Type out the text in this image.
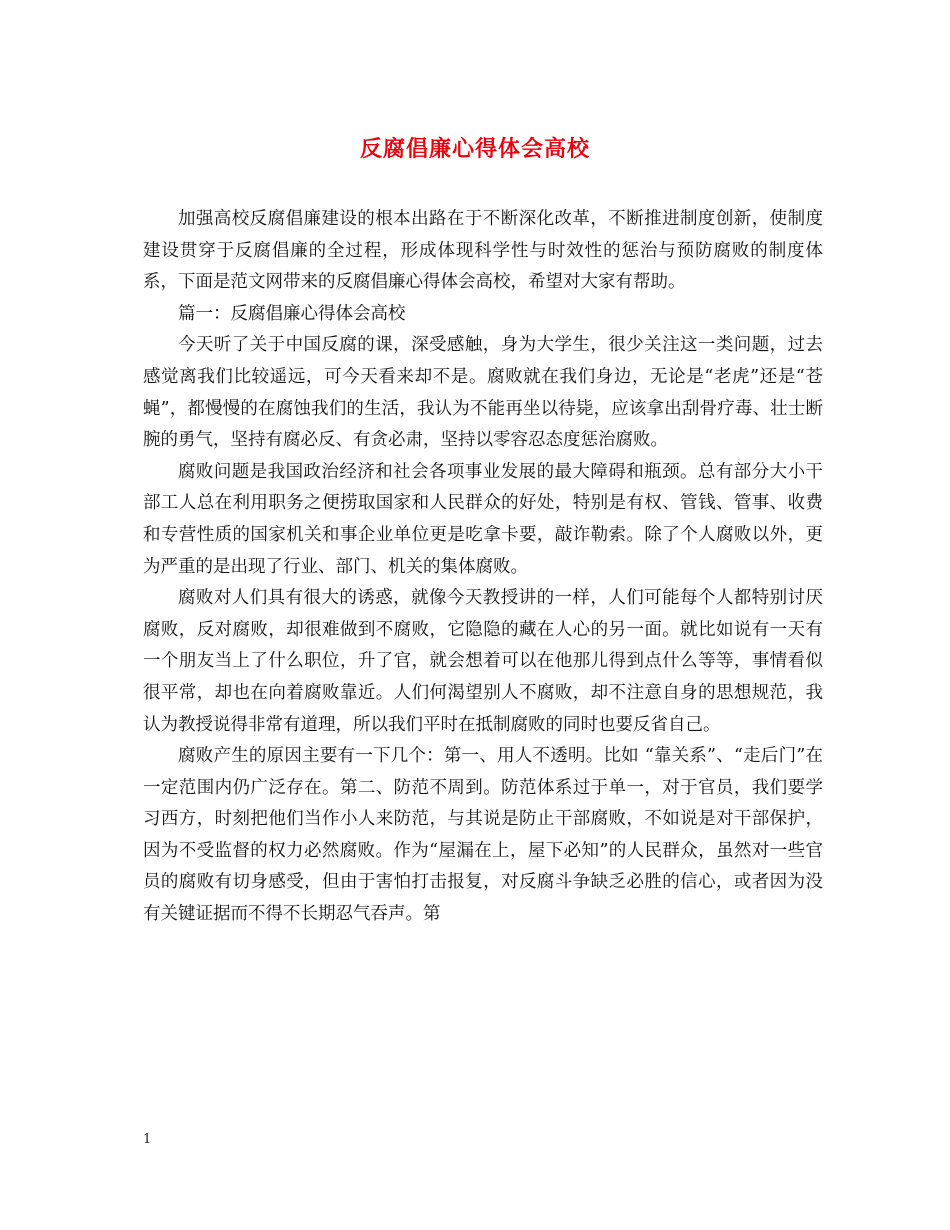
反腐倡廉心得体会高校

加强高校反腐倡廉建设的根本出路在于不断深化改革，不断推进制度创新，使制度建设贯穿于反腐倡廉的全过程，形成体现科学性与时效性的惩治与预防腐败的制度体系，下面是范文网带来的反腐倡廉心得体会高校，希望对大家有帮助。

篇一：反腐倡廉心得体会高校

今天听了关于中国反腐的课，深受感触，身为大学生，很少关注这一类问题，过去感觉离我们比较遥远，可今天看来却不是。腐败就在我们身边，无论是“老虎”还是“苍蝇”，都慢慢的在腐蚀我们的生活，我认为不能再坐以待毙，应该拿出刮骨疗毒、壮士断腕的勇气，坚持有腐必反、有贪必肃，坚持以零容忍态度惩治腐败。

腐败问题是我国政治经济和社会各项事业发展的最大障碍和瓶颈。总有部分大小干部工人总在利用职务之便捞取国家和人民群众的好处，特别是有权、管钱、管事、收费和专营性质的国家机关和事企业单位更是吃拿卡要，敲诈勒索。除了个人腐败以外，更为严重的是出现了行业、部门、机关的集体腐败。

腐败对人们具有很大的诱惑，就像今天教授讲的一样，人们可能每个人都特别讨厌腐败，反对腐败，却很难做到不腐败，它隐隐的藏在人心的另一面。就比如说有一天有一个朋友当上了什么职位，升了官，就会想着可以在他那儿得到点什么等等，事情看似很平常，却也在向着腐败靠近。人们何渴望别人不腐败，却不注意自身的思想规范，我认为教授说得非常有道理，所以我们平时在抵制腐败的同时也要反省自己。

腐败产生的原因主要有一下几个：第一、用人不透明。比如 “靠关系”、“走后门”在一定范围内仍广泛存在。第二、防范不周到。防范体系过于单一，对于官员，我们要学习西方，时刻把他们当作小人来防范，与其说是防止干部腐败，不如说是对干部保护，因为不受监督的权力必然腐败。作为“屋漏在上，屋下必知”的人民群众，虽然对一些官员的腐败有切身感受，但由于害怕打击报复，对反腐斗争缺乏必胜的信心，或者因为没有关键证据而不得不长期忍气吞声。第

1
